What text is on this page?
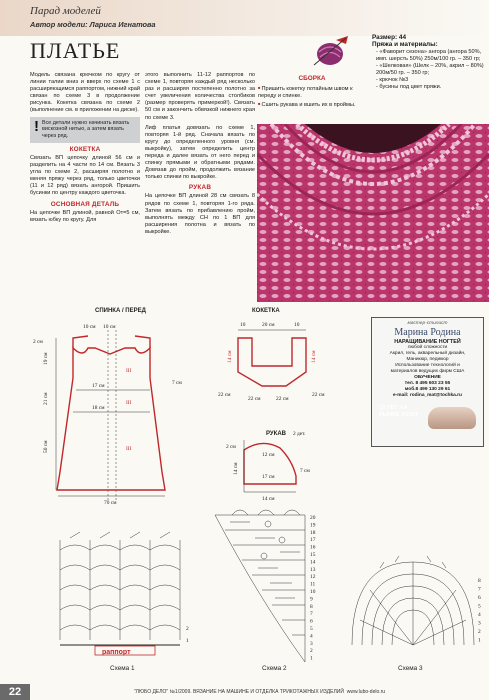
Парад моделей
Автор модели: Лариса Игнатова
ПЛАТЬЕ
Размер: 44
Пряжа и материалы:
- «Фаворит сезона» ангора (ангора 50%, имп. шерсть 50%) 250м/100 гр. – 350 гр;
- «Шелковая» (Шелк – 20%, акрил – 80%) 200м/50 гр. – 350 гр;
- крючок №3
- бусины под цвет пряжи.

Модель связана крючком по кругу от линии талии вниз и вверх по схеме 1 с расширяющимся раппортом, нижний край связан по схеме 3 в продолжение рисунка. Кокетка связана по схеме 2 (выполнение см. в приложении на диске).

! Все детали нужно начинать вязать вискозной нитью, а затем вязать через ряд.
КОКЕТКА

Связать ВП цепочку длиной 56 см и разделить на 4 части по 14 см. Вязать 3 угла по схеме 2, расширяя полотно и меняя пряжу через ряд, только цветочки (11 и 12 ряд) вязать ангорой. Пришить бусинки по центру каждого цветочка.

ОСНОВНАЯ ДЕТАЛЬ

На цепочке ВП длиной, равной От=5 см, вязать юбку по кругу. Для

этого выполнить 11-12 раппортов по схеме 1, повторяя каждый ряд несколько раз и расширяя постепенно полотно за счет увеличения количества столбиков (размер проверять примеркой!). Связать 50 см и закончить обвязкой нижнего края по схеме 3.

Лиф платья довязать по схеме 1, повторяя 1-й ряд. Сначала вязать по кругу до определенного уровня (см. выкройку), затем определить центр переда и далее вязать от него перед и спинку прямыми и обратными рядами. Довязав до пройм, продолжить вязание только спинки по выкройке.

РУКАВ

На цепочке ВП длиной 28 см связать 8 рядов по схеме 1, повторяя 1-го ряда. Затем вязать по прибавлению пройм, выполнять между СН по 1 ВП для расширения полотна и вязать по выкройке.

СБОРКА
■ Пришить кокетку потайным швом к переду и спинке.
■ Сшить рукава и вшить их в проймы.
СПИНКА / ПЕРЕД	КОКЕТКА
РУКАВ 2 дет.
10 см 10 см
2 см
19 см
17 см
21 см
18 см
50 см
70 см
7 см
III
III
III
10	20 см	10
14 см	14 см
22 см
22 см	22 см
22 см
2 см
12 см
14 см
17 см
7 см
14 см
2
1
раппорт
Схема 1
20
19
18
17
16
15
14
13
12
11
10
9
8
7
6
5
4
3
2
1
Схема 2
8
7
6
5
4
3
2
1
Схема 3
мастер-стилист
Марина Родина
НАРАЩИВАНИЕ НОГТЕЙ
любой сложности
Акрил, гель, акварельный дизайн,
Маникюр, педикюр
Использование технологий и
материалов ведущих фирм США
ОБУЧЕНИЕ
тел. 8 495 603 23 55
моб.8 499 130 29 61
e-mail: rodina_mat@tochka.ru
10 ЛЕТ НА РЫНКЕ УСЛУГ
22	"ЛЮБО ДЕЛО" №1/2009. ВЯЗАНИЕ НА МАШИНЕ И ОТДЕЛКА ТРИКОТАЖНЫХ ИЗДЕЛИЙ www.lubo-delo.ru
